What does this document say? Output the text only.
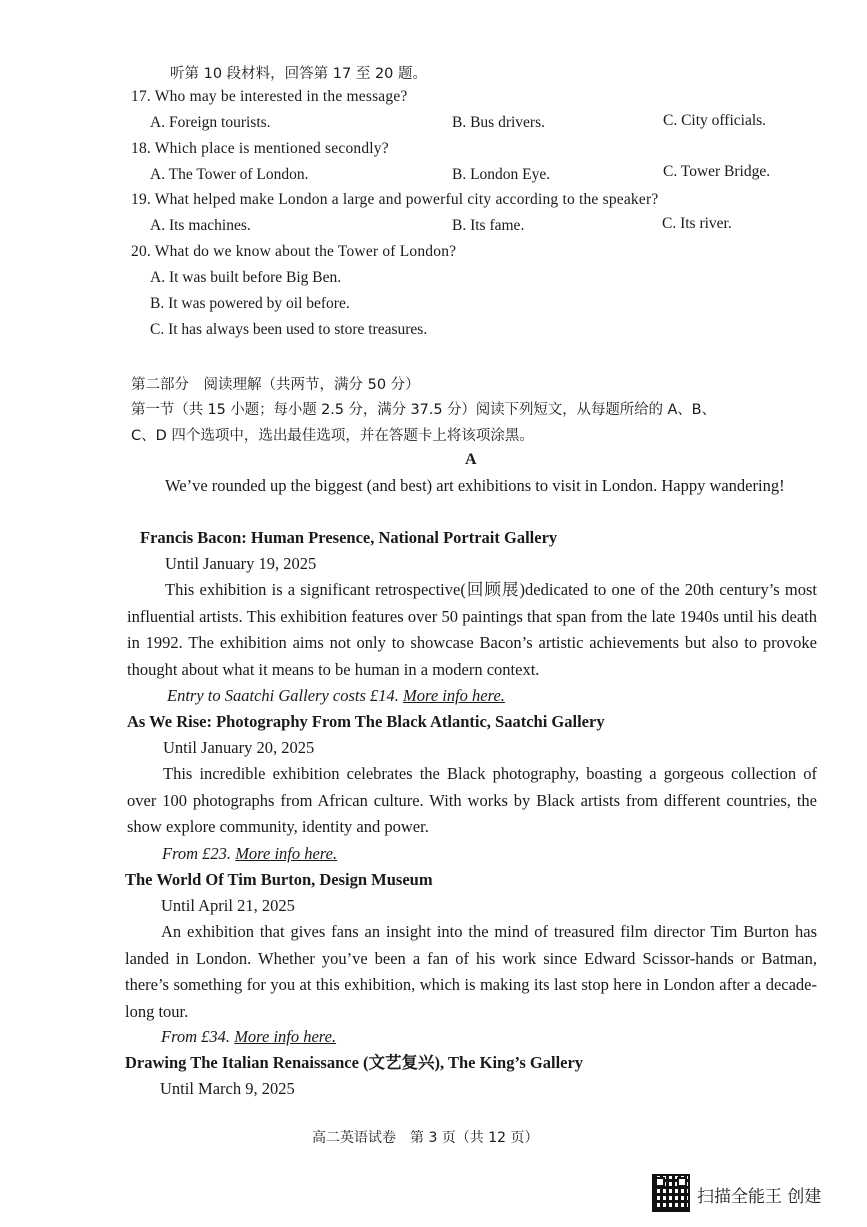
听第 10 段材料，回答第 17 至 20 题。
17. Who may be interested in the message?
A. Foreign tourists.	B. Bus drivers.	C. City officials.
18. Which place is mentioned secondly?
A. The Tower of London.	B. London Eye.	C. Tower Bridge.
19. What helped make London a large and powerful city according to the speaker?
A. Its machines.	B. Its fame.	C. Its river.
20. What do we know about the Tower of London?
A. It was built before Big Ben.
B. It was powered by oil before.
C. It has always been used to store treasures.
第二部分　阅读理解（共两节，满分 50 分）
第一节（共 15 小题；每小题 2.5 分，满分 37.5 分）阅读下列短文，从每题所给的 A、B、
C、D 四个选项中，选出最佳选项，并在答题卡上将该项涂黑。
A
We’ve rounded up the biggest (and best) art exhibitions to visit in London. Happy wandering!
Francis Bacon: Human Presence, National Portrait Gallery
Until January 19, 2025
This exhibition is a significant retrospective(回顾展)dedicated to one of the 20th century’s most influential artists. This exhibition features over 50 paintings that span from the late 1940s until his death in 1992. The exhibition aims not only to showcase Bacon’s artistic achievements but also to provoke thought about what it means to be human in a modern context.
Entry to Saatchi Gallery costs £14. More info here.
As We Rise: Photography From The Black Atlantic, Saatchi Gallery
Until January 20, 2025
This incredible exhibition celebrates the Black photography, boasting a gorgeous collection of over 100 photographs from African culture. With works by Black artists from different countries, the show explore community, identity and power.
From £23. More info here.
The World Of Tim Burton, Design Museum
Until April 21, 2025
An exhibition that gives fans an insight into the mind of treasured film director Tim Burton has landed in London. Whether you’ve been a fan of his work since Edward Scissor-hands or Batman, there’s something for you at this exhibition, which is making its last stop here in London after a decade-long tour.
From £34. More info here.
Drawing The Italian Renaissance (文艺复兴), The King’s Gallery
Until March 9, 2025
高二英语试卷　第 3 页（共 12 页）
扫描全能王 创建
